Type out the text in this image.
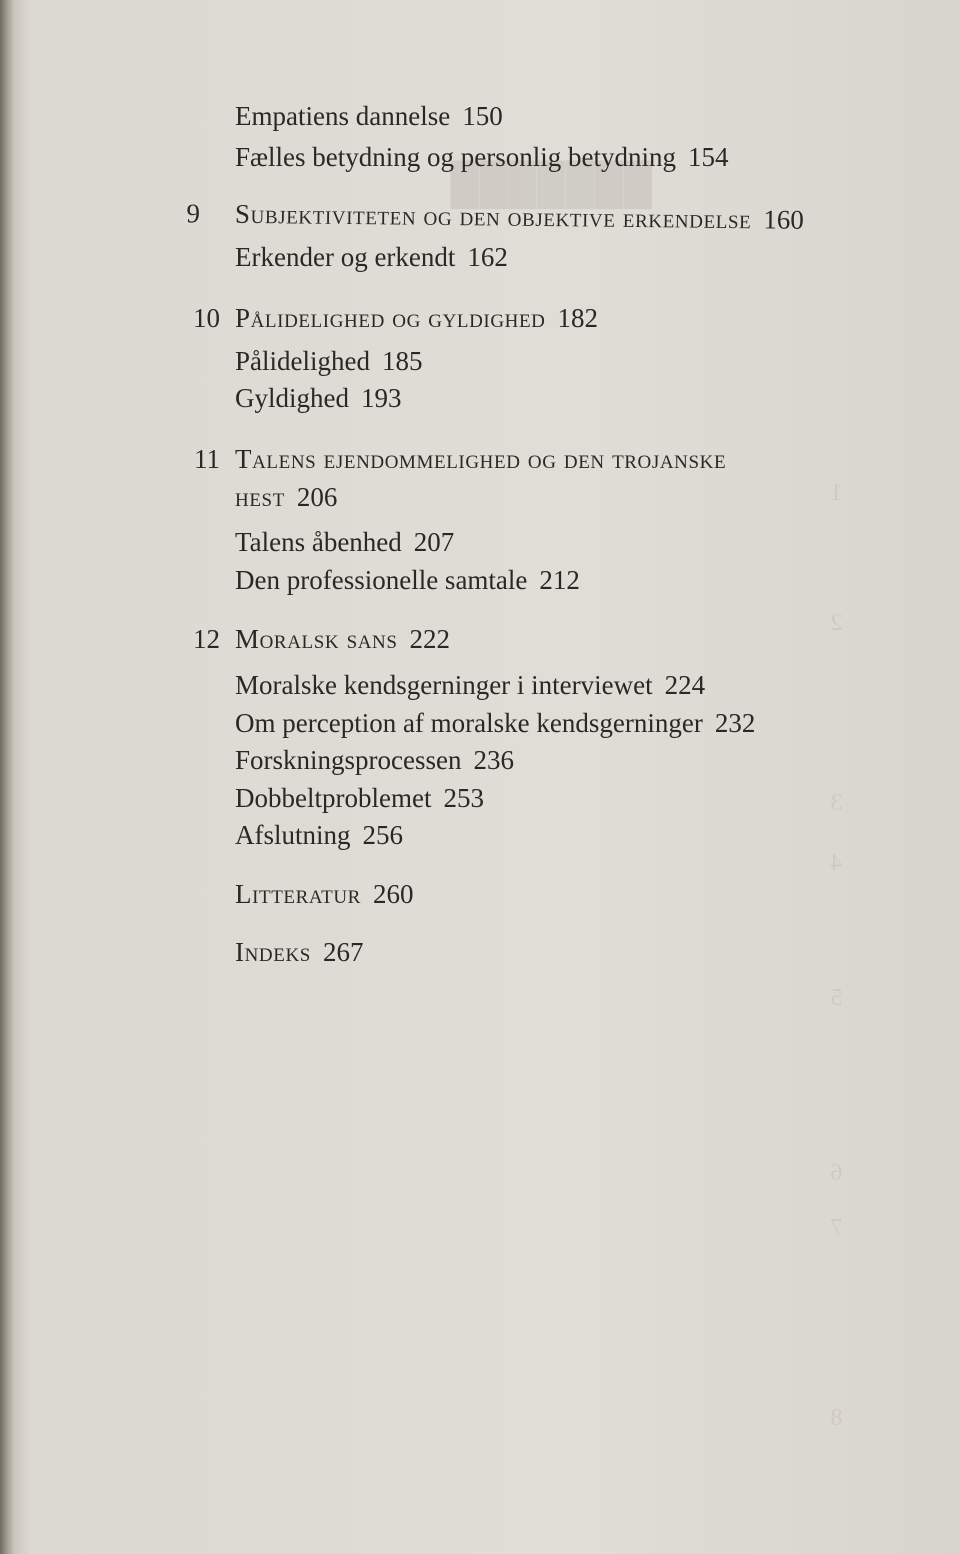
███████
1
2
3
4
5
6
7
8
Empatiens dannelse 150
Fælles betydning og personlig betydning 154
9 Subjektiviteten og den objektive erkendelse 160
Erkender og erkendt 162
10 Pålidelighed og gyldighed 182
Pålidelighed 185
Gyldighed 193
11 Talens ejendommelighed og den trojanske
hest 206
Talens åbenhed 207
Den professionelle samtale 212
12 Moralsk sans 222
Moralske kendsgerninger i interviewet 224
Om perception af moralske kendsgerninger 232
Forskningsprocessen 236
Dobbeltproblemet 253
Afslutning 256
Litteratur 260
Indeks 267
